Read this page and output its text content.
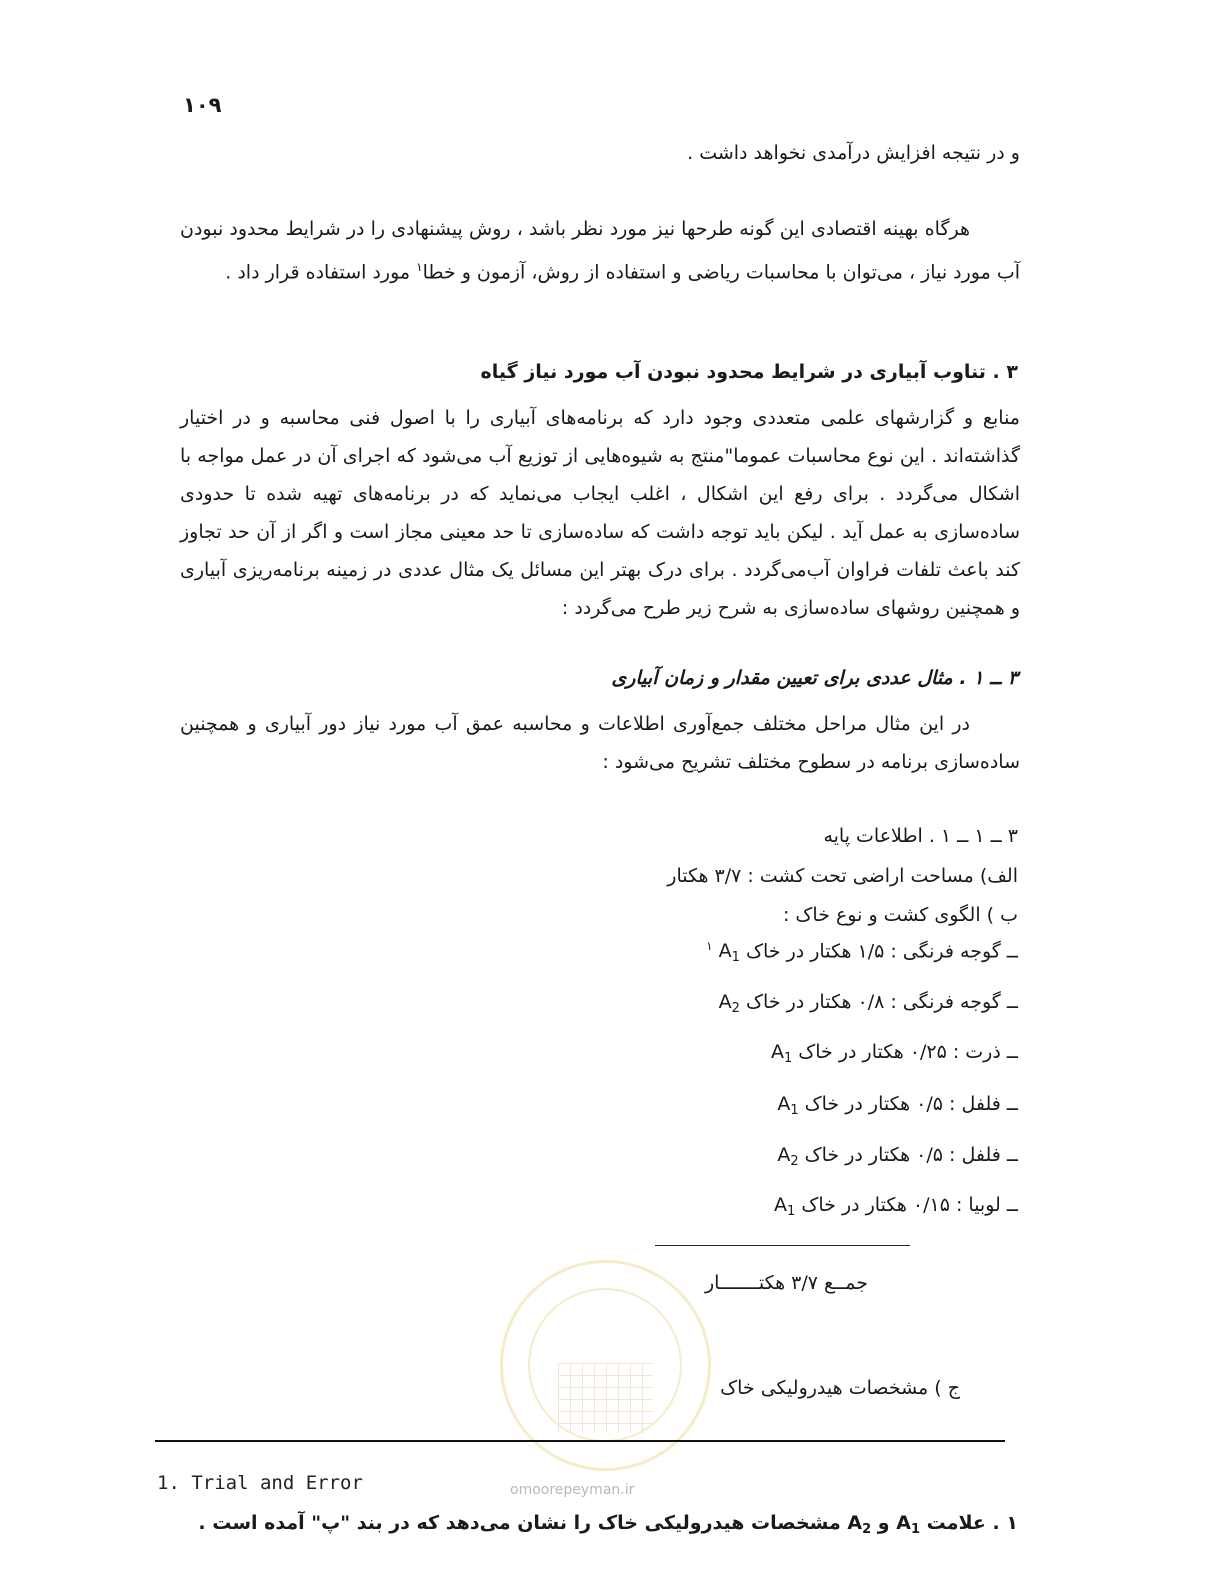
۱۰۹
و در نتیجه افزایش درآمدی نخواهد داشت .
هرگاه بهینه اقتصادی این گونه طرحها نیز مورد نظر باشد ، روش پیشنهادی را در شرایط محدود نبودن آب مورد نیاز ، می‌توان با محاسبات ریاضی و استفاده از روش، آزمون و خطا$^۱$ مورد استفاده قرار داد .
۳ . تناوب آبیاری در شرایط محدود نبودن آب مورد نیاز گیاه
منابع و گزارشهای علمی متعددی وجود دارد که برنامه‌های آبیاری را با اصول فنی محاسبه و در اختیار گذاشته‌اند . این نوع محاسبات عموما"منتج به شیوه‌هایی از توزیع آب می‌شود که اجرای آن در عمل مواجه با اشکال می‌گردد . برای رفع این اشکال ، اغلب ایجاب می‌نماید که در برنامه‌های تهیه شده تا حدودی ساده‌سازی به عمل آید . لیکن باید توجه داشت که ساده‌سازی تا حد معینی مجاز است و اگر از آن حد تجاوز کند باعث تلفات فراوان آب‌می‌گردد . برای درک بهتر این مسائل یک مثال عددی در زمینه برنامه‌ریزی آبیاری و همچنین روشهای ساده‌سازی به شرح زیر طرح می‌گردد :
۳ ــ ۱ . مثال عددی برای تعیین مقدار و زمان آبیاری
در این مثال مراحل مختلف جمع‌آوری اطلاعات و محاسبه عمق آب مورد نیاز دور آبیاری و همچنین ساده‌سازی برنامه در سطوح مختلف تشریح می‌شود :
۳ ــ ۱ ــ ۱ . اطلاعات پایه
الف) مساحت اراضی تحت کشت : ۳/۷ هکتار
ب ) الگوی کشت و نوع خاک :
ــ گوجه فرنگی : ۱/۵ هکتار در خاک $A_1$ $^۱$
ــ گوجه فرنگی : ۰/۸ هکتار در خاک $A_2$
ــ ذرت : ۰/۲۵ هکتار در خاک $A_1$
ــ فلفل : ۰/۵ هکتار در خاک $A_1$
ــ فلفل : ۰/۵ هکتار در خاک $A_2$
ــ لوبیا : ۰/۱۵ هکتار در خاک $A_1$
جمــع ۳/۷ هکتـــــــار
ج ) مشخصات هیدرولیکی خاک
1. Trial and Error	omoorepeyman.ir
۱ . علامت $A_1$ و $A_2$ مشخصات هیدرولیکی خاک را نشان می‌دهد که در بند "پ" آمده است .
